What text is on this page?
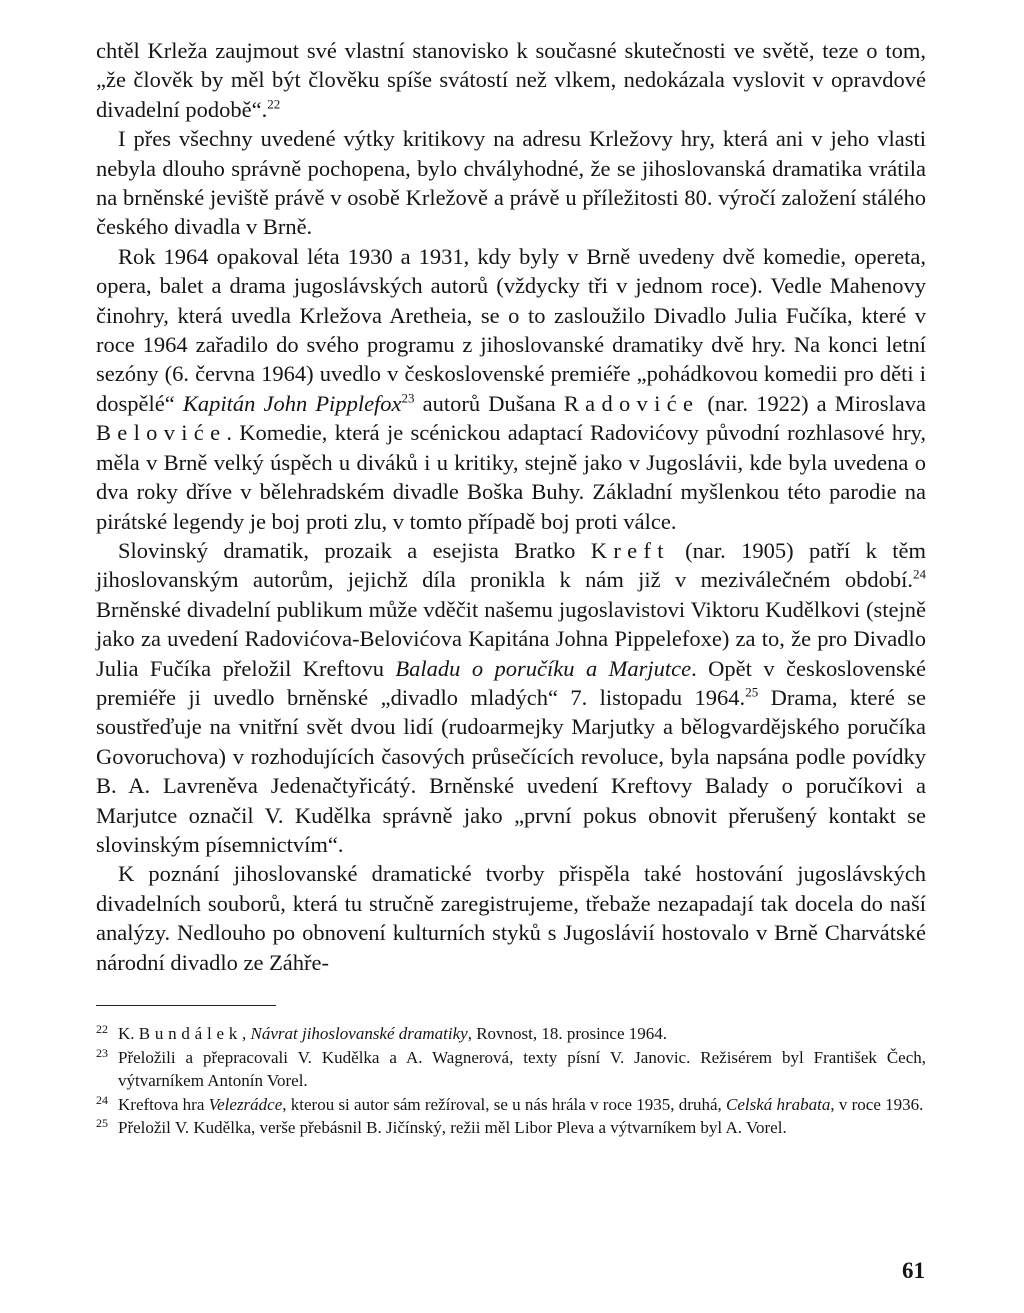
chtěl Krleža zaujmout své vlastní stanovisko k současné skutečnosti ve světě, teze o tom, „že člověk by měl být člověku spíše svátostí než vlkem, nedokázala vyslovit v opravdové divadelní podobě“.$^{22}$

I přes všechny uvedené výtky kritikovy na adresu Krležovy hry, která ani v jeho vlasti nebyla dlouho správně pochopena, bylo chvályhodné, že se jihoslovanská dramatika vrátila na brněnské jeviště právě v osobě Krležově a právě u příležitosti 80. výročí založení stálého českého divadla v Brně.

Rok 1964 opakoval léta 1930 a 1931, kdy byly v Brně uvedeny dvě komedie, opereta, opera, balet a drama jugoslávských autorů (vždycky tři v jednom roce). Vedle Mahenovy činohry, která uvedla Krležova Aretheia, se o to zasloužilo Divadlo Julia Fučíka, které v roce 1964 zařadilo do svého programu z jihoslovanské dramatiky dvě hry. Na konci letní sezóny (6. června 1964) uvedlo v československé premiéře „pohádkovou komedii pro děti i dospělé“ Kapitán John Pipplefox$^{23}$ autorů Dušana Radoviće (nar. 1922) a Miroslava Beloviće. Komedie, která je scénickou adaptací Radovićovy původní rozhlasové hry, měla v Brně velký úspěch u diváků i u kritiky, stejně jako v Jugoslávii, kde byla uvedena o dva roky dříve v bělehradském divadle Boška Buhy. Základní myšlenkou této parodie na pirátské legendy je boj proti zlu, v tomto případě boj proti válce.

Slovinský dramatik, prozaik a esejista Bratko Kreft (nar. 1905) patří k těm jihoslovanským autorům, jejichž díla pronikla k nám již v meziválečném období.$^{24}$ Brněnské divadelní publikum může vděčit našemu jugoslavistovi Viktoru Kudělkovi (stejně jako za uvedení Radovićova-Belovićova Kapitána Johna Pippelefoxe) za to, že pro Divadlo Julia Fučíka přeložil Kreftovu Baladu o poručíku a Marjutce. Opět v československé premiéře ji uvedlo brněnské „divadlo mladých“ 7. listopadu 1964.25 Drama, které se soustřeďuje na vnitřní svět dvou lidí (rudoarmejky Marjutky a bělogvardějského poručíka Govoruchova) v rozhodujících časových průsečících revoluce, byla napsána podle povídky B. A. Lavreněva Jedenačtyřicátý. Brněnské uvedení Kreftovy Balady o poručíkovi a Marjutce označil V. Kudělka správně jako „první pokus obnovit přerušený kontakt se slovinským písemnictvím“.

K poznání jihoslovanské dramatické tvorby přispěla také hostování jugoslávských divadelních souborů, která tu stručně zaregistrujeme, třebaže nezapadají tak docela do naší analýzy. Nedlouho po obnovení kulturních styků s Jugoslávií hostovalo v Brně Charvátské národní divadlo ze Záhře-

22 K. Bundálek, Návrat jihoslovanské dramatiky, Rovnost, 18. prosince 1964.
23 Přeložili a přepracovali V. Kudělka a A. Wagnerová, texty písní V. Janovic. Režisérem byl František Čech, výtvarníkem Antonín Vorel.
24 Kreftova hra Velezrádce, kterou si autor sám režíroval, se u nás hrála v roce 1935, druhá, Celská hrabata, v roce 1936.
25 Přeložil V. Kudělka, verše přebásnil B. Jičínský, režii měl Libor Pleva a výtvarníkem byl A. Vorel.
61
